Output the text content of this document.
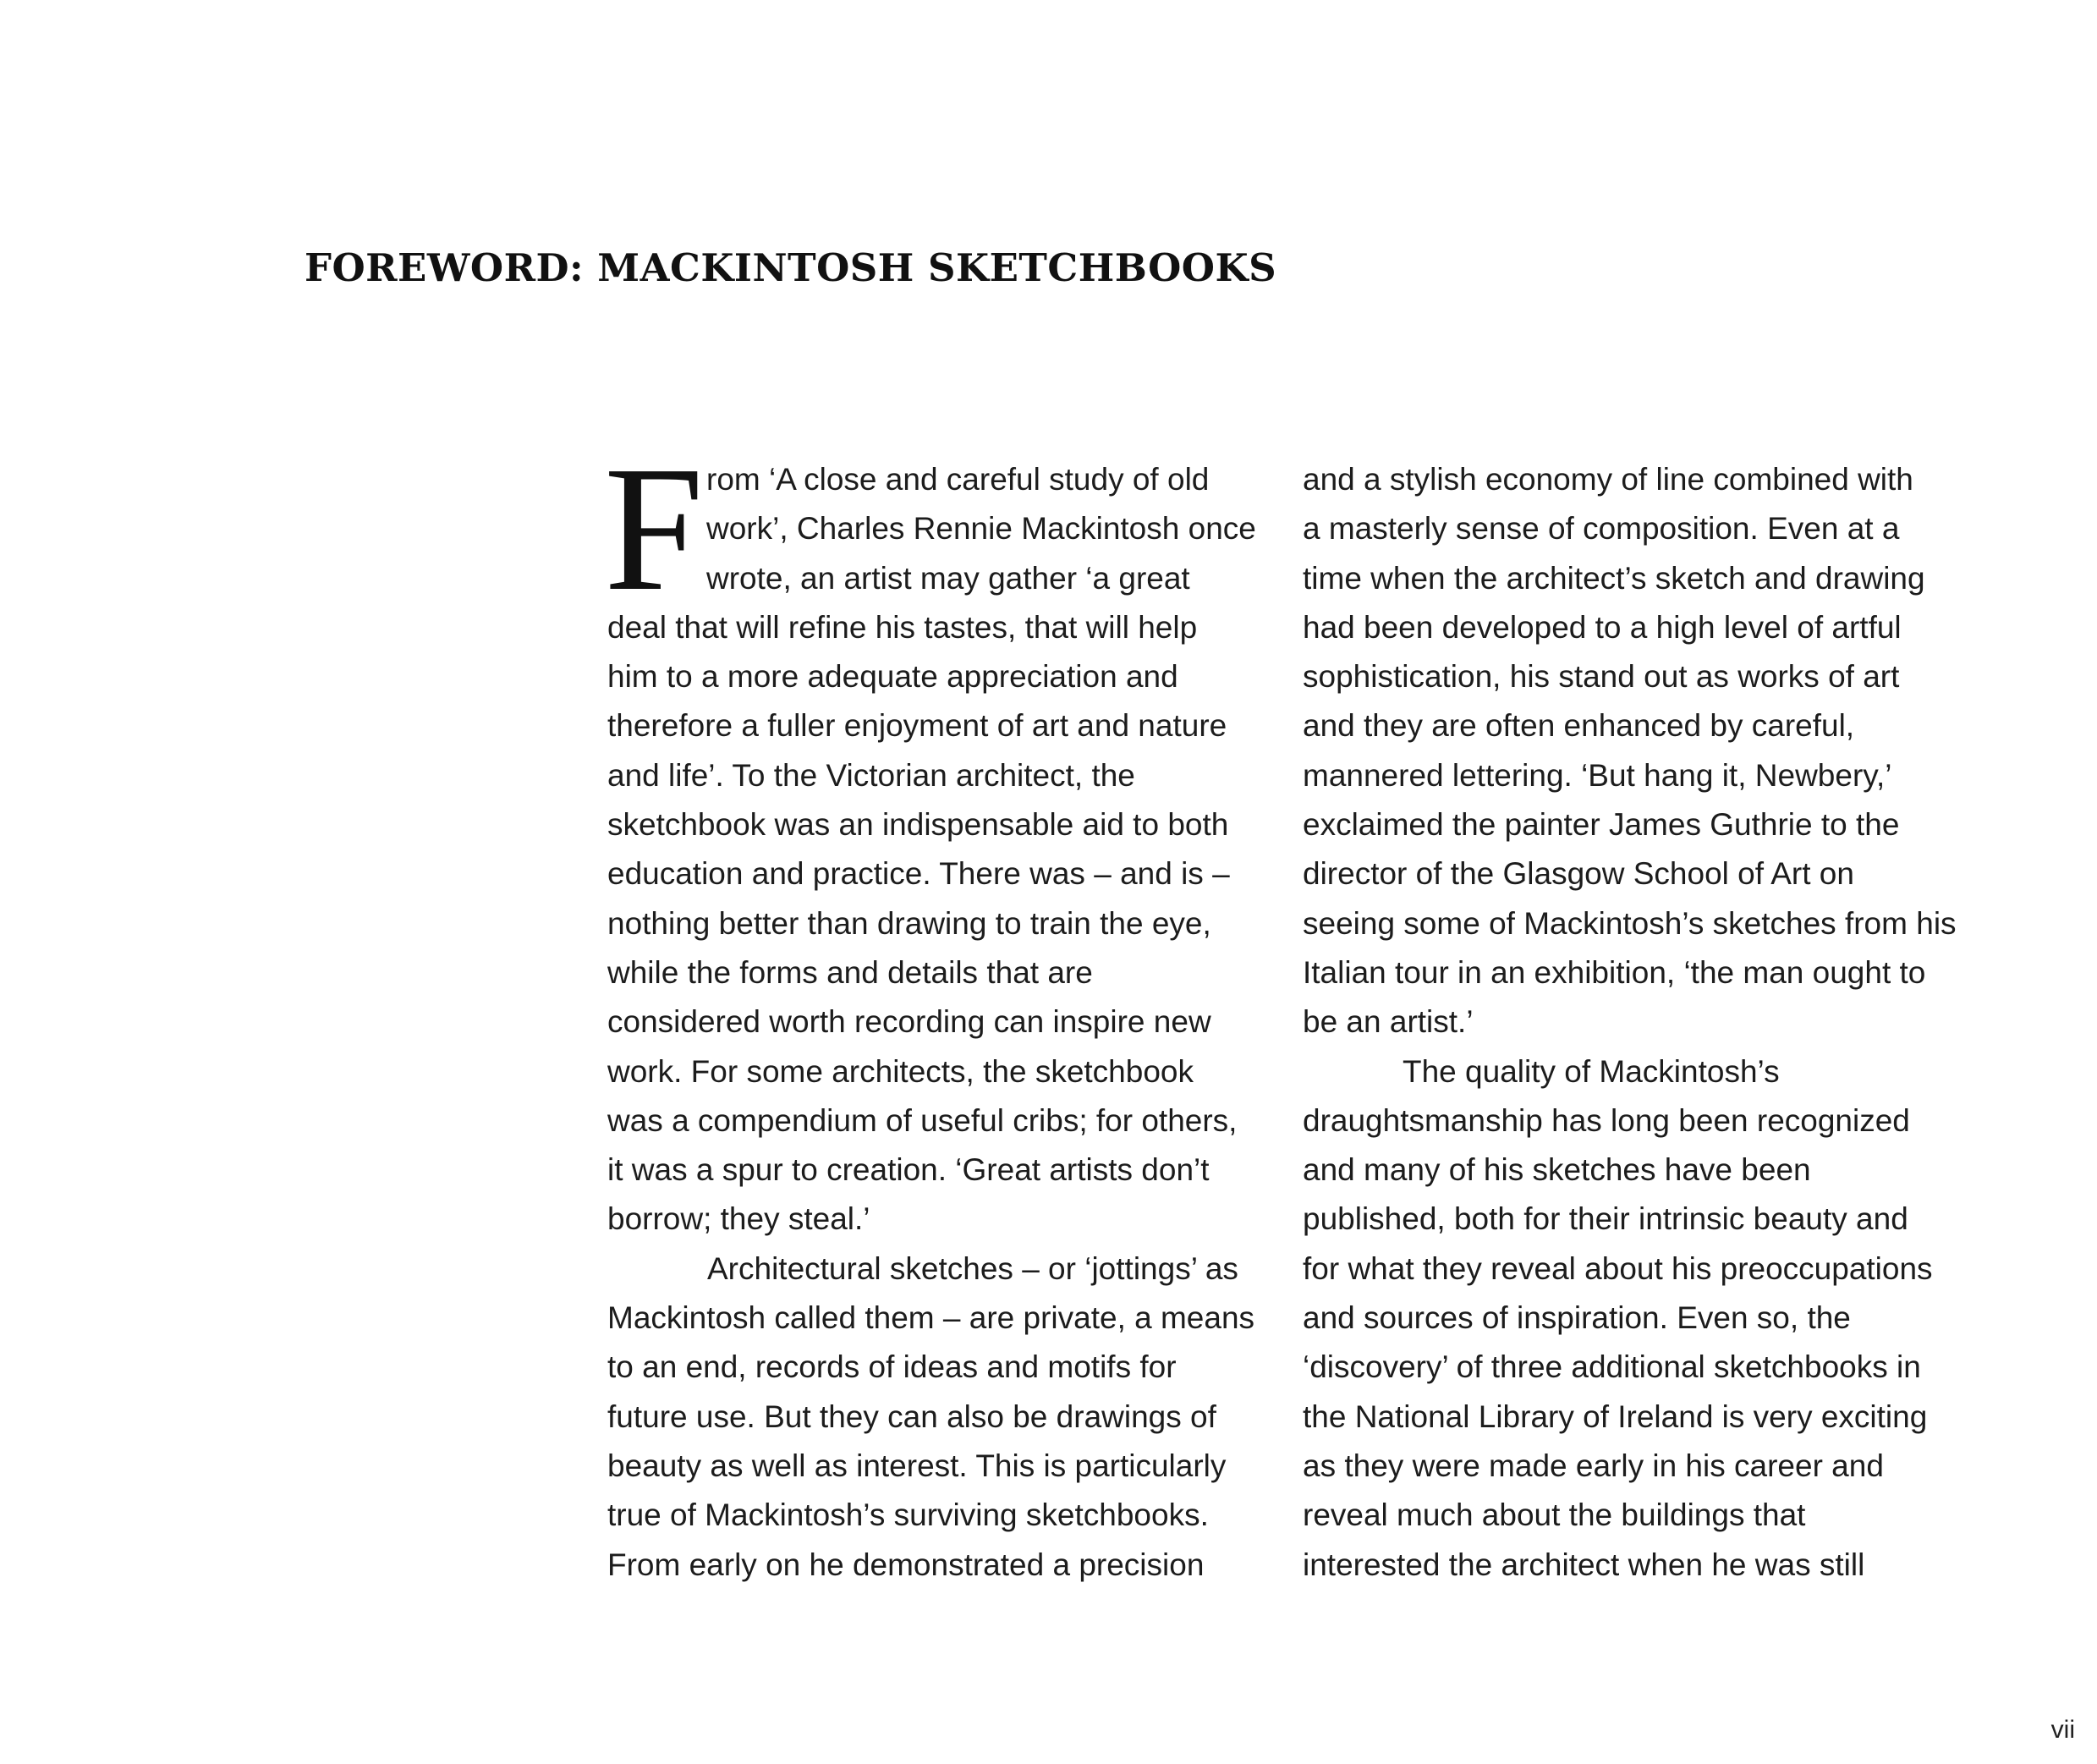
FOREWORD: MACKINTOSH SKETCHBOOKS
F rom ‘A close and careful study of old
work’, Charles Rennie Mackintosh once
wrote, an artist may gather ‘a great
deal that will refine his tastes, that will help
him to a more adequate appreciation and
therefore a fuller enjoyment of art and nature
and life’. To the Victorian architect, the
sketchbook was an indispensable aid to both
education and practice. There was – and is –
nothing better than drawing to train the eye,
while the forms and details that are
considered worth recording can inspire new
work. For some architects, the sketchbook
was a compendium of useful cribs; for others,
it was a spur to creation. ‘Great artists don’t
borrow; they steal.’
Architectural sketches – or ‘jottings’ as
Mackintosh called them – are private, a means
to an end, records of ideas and motifs for
future use. But they can also be drawings of
beauty as well as interest. This is particularly
true of Mackintosh’s surviving sketchbooks.
From early on he demonstrated a precision
and a stylish economy of line combined with
a masterly sense of composition. Even at a
time when the architect’s sketch and drawing
had been developed to a high level of artful
sophistication, his stand out as works of art
and they are often enhanced by careful,
mannered lettering. ‘But hang it, Newbery,’
exclaimed the painter James Guthrie to the
director of the Glasgow School of Art on
seeing some of Mackintosh’s sketches from his
Italian tour in an exhibition, ‘the man ought to
be an artist.’
The quality of Mackintosh’s
draughtsmanship has long been recognized
and many of his sketches have been
published, both for their intrinsic beauty and
for what they reveal about his preoccupations
and sources of inspiration. Even so, the
‘discovery’ of three additional sketchbooks in
the National Library of Ireland is very exciting
as they were made early in his career and
reveal much about the buildings that
interested the architect when he was still
vii
